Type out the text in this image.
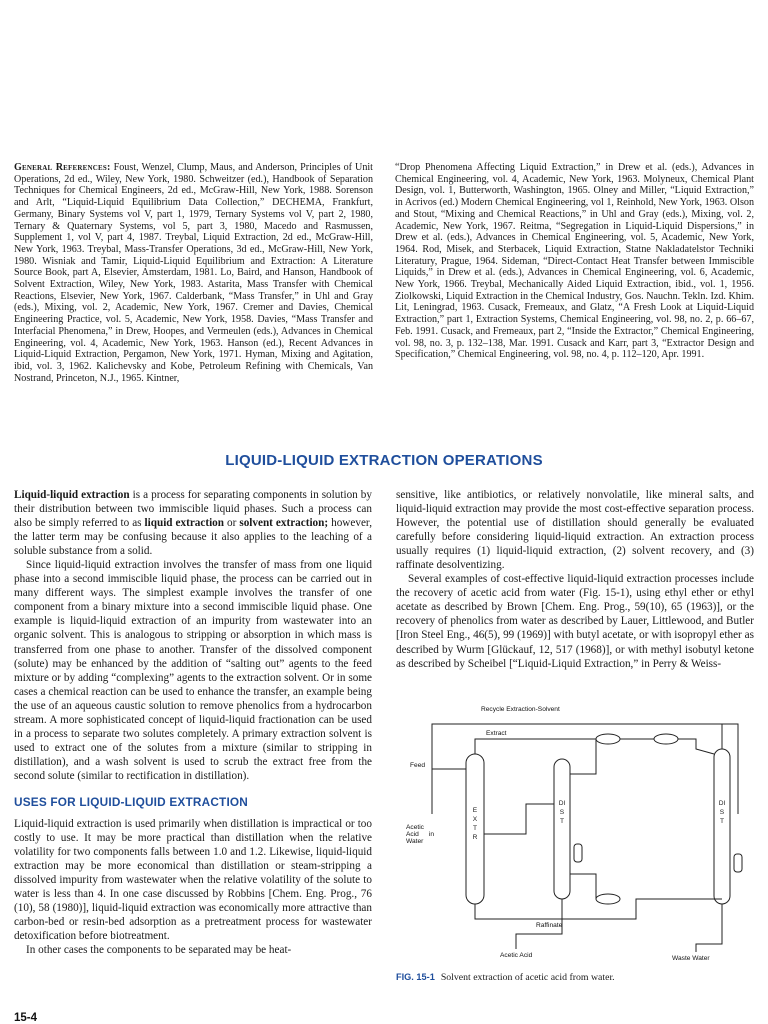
General References: Foust, Wenzel, Clump, Maus, and Anderson, Principles of Unit Operations, 2d ed., Wiley, New York, 1980. Schweitzer (ed.), Handbook of Separation Techniques for Chemical Engineers, 2d ed., McGraw-Hill, New York, 1988. Sorenson and Arlt, “Liquid-Liquid Equilibrium Data Collection,” DECHEMA, Frankfurt, Germany, Binary Systems vol V, part 1, 1979, Ternary Systems vol V, part 2, 1980, Ternary & Quaternary Systems, vol 5, part 3, 1980, Macedo and Rasmussen, Supplement 1, vol V, part 4, 1987. Treybal, Liquid Extraction, 2d ed., McGraw-Hill, New York, 1963. Treybal, Mass-Transfer Operations, 3d ed., McGraw-Hill, New York, 1980. Wisniak and Tamir, Liquid-Liquid Equilibrium and Extraction: A Literature Source Book, part A, Elsevier, Amsterdam, 1981. Lo, Baird, and Hanson, Handbook of Solvent Extraction, Wiley, New York, 1983. Astarita, Mass Transfer with Chemical Reactions, Elsevier, New York, 1967. Calderbank, “Mass Transfer,” in Uhl and Gray (eds.), Mixing, vol. 2, Academic, New York, 1967. Cremer and Davies, Chemical Engineering Practice, vol. 5, Academic, New York, 1958. Davies, “Mass Transfer and Interfacial Phenomena,” in Drew, Hoopes, and Vermeulen (eds.), Advances in Chemical Engineering, vol. 4, Academic, New York, 1963. Hanson (ed.), Recent Advances in Liquid-Liquid Extraction, Pergamon, New York, 1971. Hyman, Mixing and Agitation, ibid, vol. 3, 1962. Kalichevsky and Kobe, Petroleum Refining with Chemicals, Van Nostrand, Princeton, N.J., 1965. Kintner,
“Drop Phenomena Affecting Liquid Extraction,” in Drew et al. (eds.), Advances in Chemical Engineering, vol. 4, Academic, New York, 1963. Molyneux, Chemical Plant Design, vol. 1, Butterworth, Washington, 1965. Olney and Miller, “Liquid Extraction,” in Acrivos (ed.) Modern Chemical Engineering, vol 1, Reinhold, New York, 1963. Olson and Stout, “Mixing and Chemical Reactions,” in Uhl and Gray (eds.), Mixing, vol. 2, Academic, New York, 1967. Reitma, “Segregation in Liquid-Liquid Dispersions,” in Drew et al. (eds.), Advances in Chemical Engineering, vol. 5, Academic, New York, 1964. Rod, Misek, and Sterbacek, Liquid Extraction, Statne Nakladatelstor Techniki Literatury, Prague, 1964. Sideman, “Direct-Contact Heat Transfer between Immiscible Liquids,” in Drew et al. (eds.), Advances in Chemical Engineering, vol. 6, Academic, New York, 1966. Treybal, Mechanically Aided Liquid Extraction, ibid., vol. 1, 1956. Ziolkowski, Liquid Extraction in the Chemical Industry, Gos. Nauchn. Tekln. Izd. Khim. Lit, Leningrad, 1963. Cusack, Fremeaux, and Glatz, “A Fresh Look at Liquid-Liquid Extraction,” part 1, Extraction Systems, Chemical Engineering, vol. 98, no. 2, p. 66–67, Feb. 1991. Cusack, and Fremeaux, part 2, “Inside the Extractor,” Chemical Engineering, vol. 98, no. 3, p. 132–138, Mar. 1991. Cusack and Karr, part 3, “Extractor Design and Specification,” Chemical Engineering, vol. 98, no. 4, p. 112–120, Apr. 1991.
LIQUID-LIQUID EXTRACTION OPERATIONS

Liquid-liquid extraction is a process for separating components in solution by their distribution between two immiscible liquid phases. Such a process can also be simply referred to as liquid extraction or solvent extraction; however, the latter term may be confusing because it also applies to the leaching of a soluble substance from a solid.

Since liquid-liquid extraction involves the transfer of mass from one liquid phase into a second immiscible liquid phase, the process can be carried out in many different ways. The simplest example involves the transfer of one component from a binary mixture into a second immiscible liquid phase. One example is liquid-liquid extraction of an impurity from wastewater into an organic solvent. This is analogous to stripping or absorption in which mass is transferred from one phase to another. Transfer of the dissolved component (solute) may be enhanced by the addition of “salting out” agents to the feed mixture or by adding “complexing” agents to the extraction solvent. Or in some cases a chemical reaction can be used to enhance the transfer, an example being the use of an aqueous caustic solution to remove phenolics from a hydrocarbon stream. A more sophisticated concept of liquid-liquid fractionation can be used in a process to separate two solutes completely. A primary extraction solvent is used to extract one of the solutes from a mixture (similar to stripping in distillation), and a wash solvent is used to scrub the extract free from the second solute (similar to rectification in distillation).

USES FOR LIQUID-LIQUID EXTRACTION

Liquid-liquid extraction is used primarily when distillation is impractical or too costly to use. It may be more practical than distillation when the relative volatility for two components falls between 1.0 and 1.2. Likewise, liquid-liquid extraction may be more economical than distillation or steam-stripping a dissolved impurity from wastewater when the relative volatility of the solute to water is less than 4. In one case discussed by Robbins [Chem. Eng. Prog., 76 (10), 58 (1980)], liquid-liquid extraction was economically more attractive than carbon-bed or resin-bed adsorption as a pretreatment process for wastewater detoxification before biotreatment.

In other cases the components to be separated may be heat-

sensitive, like antibiotics, or relatively nonvolatile, like mineral salts, and liquid-liquid extraction may provide the most cost-effective separation process. However, the potential use of distillation should generally be evaluated carefully before considering liquid-liquid extraction. An extraction process usually requires (1) liquid-liquid extraction, (2) solvent recovery, and (3) raffinate desolventizing.

Several examples of cost-effective liquid-liquid extraction processes include the recovery of acetic acid from water (Fig. 15-1), using ethyl ether or ethyl acetate as described by Brown [Chem. Eng. Prog., 59(10), 65 (1963)], or the recovery of phenolics from water as described by Lauer, Littlewood, and Butler [Iron Steel Eng., 46(5), 99 (1969)] with butyl acetate, or with isopropyl ether as described by Wurm [Glückauf, 12, 517 (1968)], or with methyl isobutyl ketone as described by Scheibel [“Liquid-Liquid Extraction,” in Perry & Weiss-

Recycle Extraction-Solvent
Extract
Feed
Acetic Acid in Water
EXTR
DIST
DIST
Raffinate
Acetic Acid	Waste Water
FIG. 15-1 Solvent extraction of acetic acid from water.
15-4
